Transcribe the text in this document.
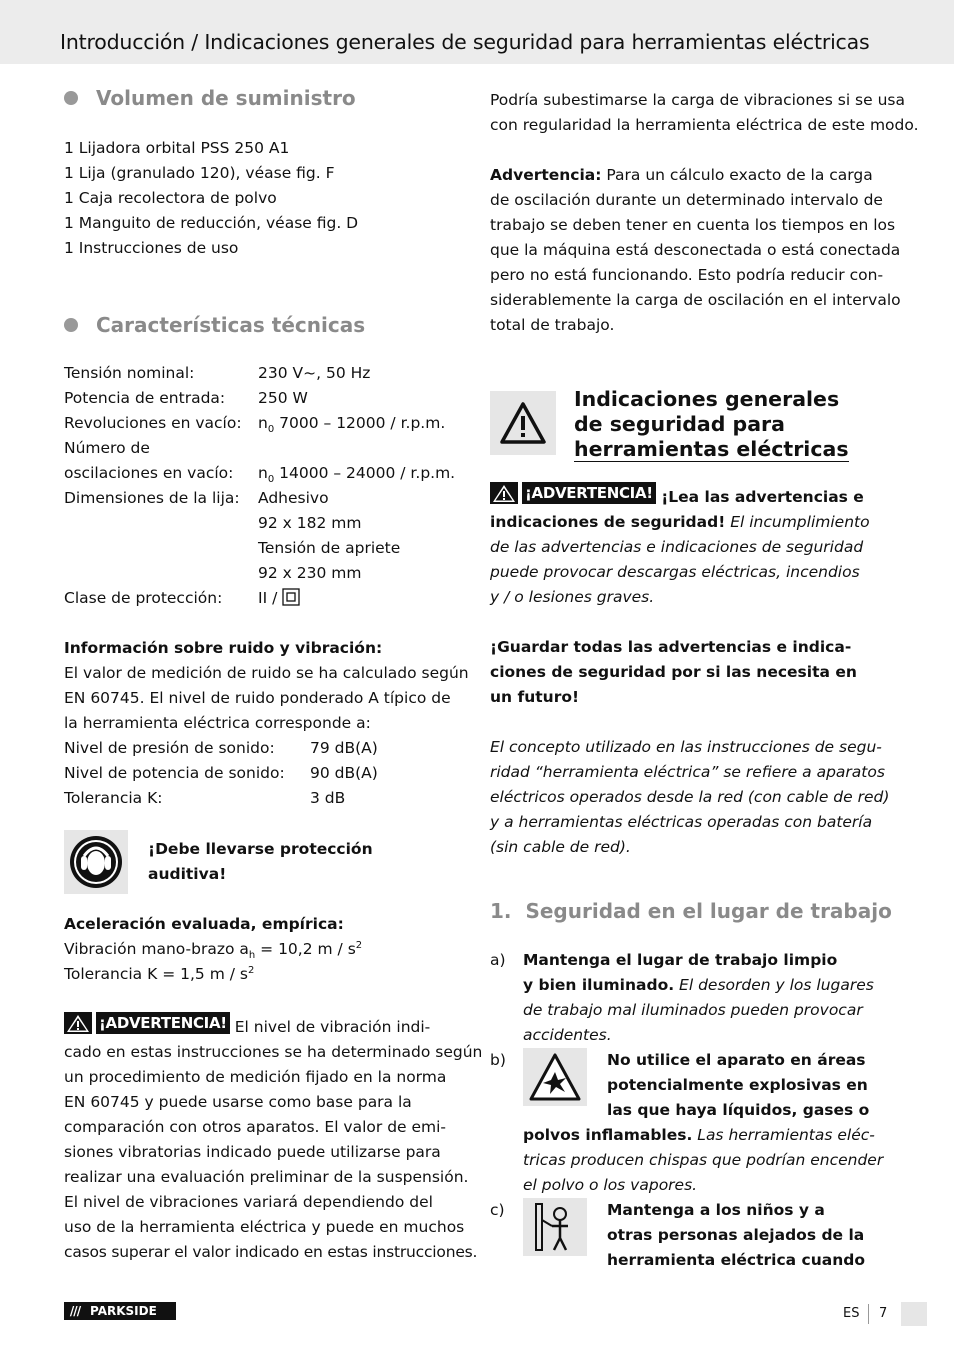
Introducción / Indicaciones generales de seguridad para herramientas eléctricas
Volumen de suministro
1 Lijadora orbital PSS 250 A1
1 Lija (granulado 120), véase fig. F
1 Caja recolectora de polvo
1 Manguito de reducción, véase fig. D
1 Instrucciones de uso
Características técnicas
Tensión nominal:	230 V~, 50 Hz
Potencia de entrada:	250 W
Revoluciones en vacío:	$n_0$ 7000 – 12000 / r.p.m.
Número de
oscilaciones en vacío:	$n_0$ 14000 – 24000 / r.p.m.
Dimensiones de la lija:	Adhesivo
92 x 182 mm
Tensión de apriete
92 x 230 mm
Clase de protección:	II /
Información sobre ruido y vibración:
El valor de medición de ruido se ha calculado según
EN 60745. El nivel de ruido ponderado A típico de
la herramienta eléctrica corresponde a:
Nivel de presión de sonido:	79 dB(A)
Nivel de potencia de sonido:	90 dB(A)
Tolerancia K:	3 dB
¡Debe llevarse protección
auditiva!
Aceleración evaluada, empírica:
Vibración mano-brazo $a_h = 10,2$ m / $s^2$
Tolerancia K = 1,5 m / $s^2$
¡ADVERTENCIA! El nivel de vibración indi-
cado en estas instrucciones se ha determinado según
un procedimiento de medición fijado en la norma
EN 60745 y puede usarse como base para la
comparación con otros aparatos. El valor de emi-
siones vibratorias indicado puede utilizarse para
realizar una evaluación preliminar de la suspensión.
El nivel de vibraciones variará dependiendo del
uso de la herramienta eléctrica y puede en muchos
casos superar el valor indicado en estas instrucciones.
Podría subestimarse la carga de vibraciones si se usa
con regularidad la herramienta eléctrica de este modo.
Advertencia: Para un cálculo exacto de la carga
de oscilación durante un determinado intervalo de
trabajo se deben tener en cuenta los tiempos en los
que la máquina está desconectada o está conectada
pero no está funcionando. Esto podría reducir con-
siderablemente la carga de oscilación en el intervalo
total de trabajo.
Indicaciones generales
de seguridad para
herramientas eléctricas
¡ADVERTENCIA! ¡Lea las advertencias e
indicaciones de seguridad! El incumplimiento
de las advertencias e indicaciones de seguridad
puede provocar descargas eléctricas, incendios
y / o lesiones graves.
¡Guardar todas las advertencias e indica-
ciones de seguridad por si las necesita en
un futuro!
El concepto utilizado en las instrucciones de segu-
ridad “herramienta eléctrica” se refiere a aparatos
eléctricos operados desde la red (con cable de red)
y a herramientas eléctricas operadas con batería
(sin cable de red).
1. Seguridad en el lugar de trabajo
a)	Mantenga el lugar de trabajo limpio
y bien iluminado. El desorden y los lugares
de trabajo mal iluminados pueden provocar
accidentes.
b)	No utilice el aparato en áreas
potencialmente explosivas en
las que haya líquidos, gases o
polvos inflamables. Las herramientas eléc-
tricas producen chispas que podrían encender
el polvo o los vapores.
c)	Mantenga a los niños y a
otras personas alejados de la
herramienta eléctrica cuando
/// PARKSIDE	ES 7
